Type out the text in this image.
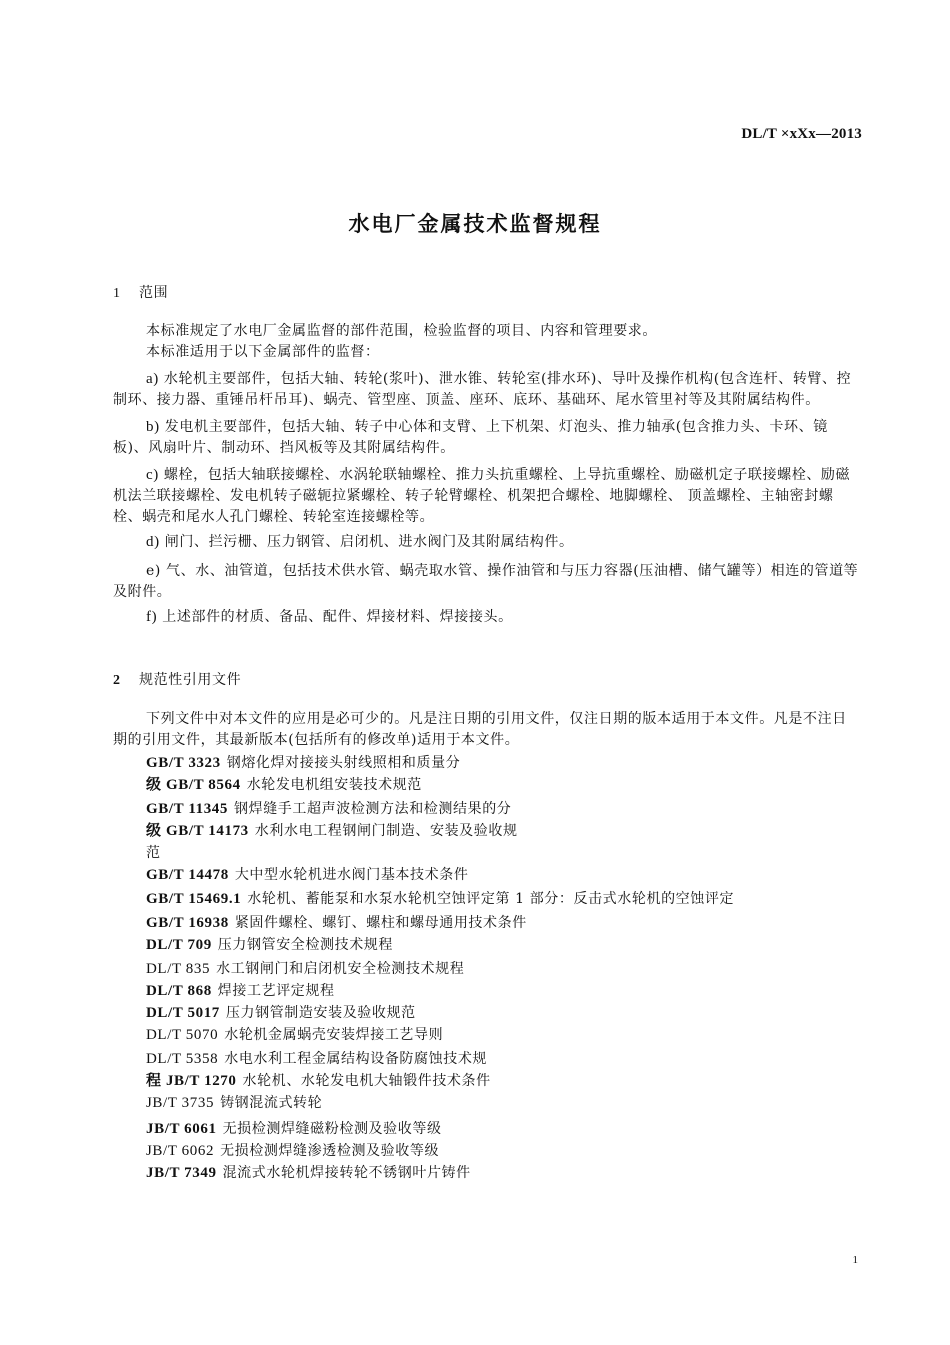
DL/T ×xXx—2013
水电厂金属技术监督规程
1 范围
本标准规定了水电厂金属监督的部件范围，检验监督的项目、内容和管理要求。
本标准适用于以下金属部件的监督：
a) 水轮机主要部件，包括大轴、转轮(浆叶)、泄水锥、转轮室(排水环)、导叶及操作机构(包含连杆、转臂、控制环、接力器、重锤吊杆吊耳)、蜗壳、管型座、顶盖、座环、底环、基础环、尾水管里衬等及其附属结构件。
b) 发电机主要部件，包括大轴、转子中心体和支臂、上下机架、灯泡头、推力轴承(包含推力头、卡环、镜板)、风扇叶片、制动环、挡风板等及其附属结构件。
c) 螺栓，包括大轴联接螺栓、水涡轮联轴螺栓、推力头抗重螺栓、上导抗重螺栓、励磁机定子联接螺栓、励磁机法兰联接螺栓、发电机转子磁轭拉紧螺栓、转子轮臂螺栓、机架把合螺栓、地脚螺栓、 顶盖螺栓、主轴密封螺栓、蜗壳和尾水人孔门螺栓、转轮室连接螺栓等。
d) 闸门、拦污栅、压力钢管、启闭机、进水阀门及其附属结构件。
e) 气、水、油管道，包括技术供水管、蜗壳取水管、操作油管和与压力容器(压油槽、储气罐等）相连的管道等及附件。
f) 上述部件的材质、备品、配件、焊接材料、焊接接头。
2 规范性引用文件
下列文件中对本文件的应用是必可少的。凡是注日期的引用文件，仅注日期的版本适用于本文件。凡是不注日期的引用文件，其最新版本(包括所有的修改单)适用于本文件。
GB/T 3323 钢熔化焊对接接头射线照相和质量分
级 GB/T 8564 水轮发电机组安装技术规范
GB/T 11345 钢焊缝手工超声波检测方法和检测结果的分
级 GB/T 14173 水利水电工程钢闸门制造、安装及验收规
范
GB/T 14478 大中型水轮机进水阀门基本技术条件
GB/T 15469.1 水轮机、蓄能泵和水泵水轮机空蚀评定第 1 部分：反击式水轮机的空蚀评定
GB/T 16938 紧固件螺栓、螺钉、螺柱和螺母通用技术条件
DL/T 709 压力钢管安全检测技术规程
DL/T 835 水工钢闸门和启闭机安全检测技术规程
DL/T 868 焊接工艺评定规程
DL/T 5017 压力钢管制造安装及验收规范
DL/T 5070 水轮机金属蜗壳安装焊接工艺导则
DL/T 5358 水电水利工程金属结构设备防腐蚀技术规
程 JB/T 1270 水轮机、水轮发电机大轴锻件技术条件
JB/T 3735 铸钢混流式转轮
JB/T 6061 无损检测焊缝磁粉检测及验收等级
JB/T 6062 无损检测焊缝渗透检测及验收等级
JB/T 7349 混流式水轮机焊接转轮不锈钢叶片铸件
1
